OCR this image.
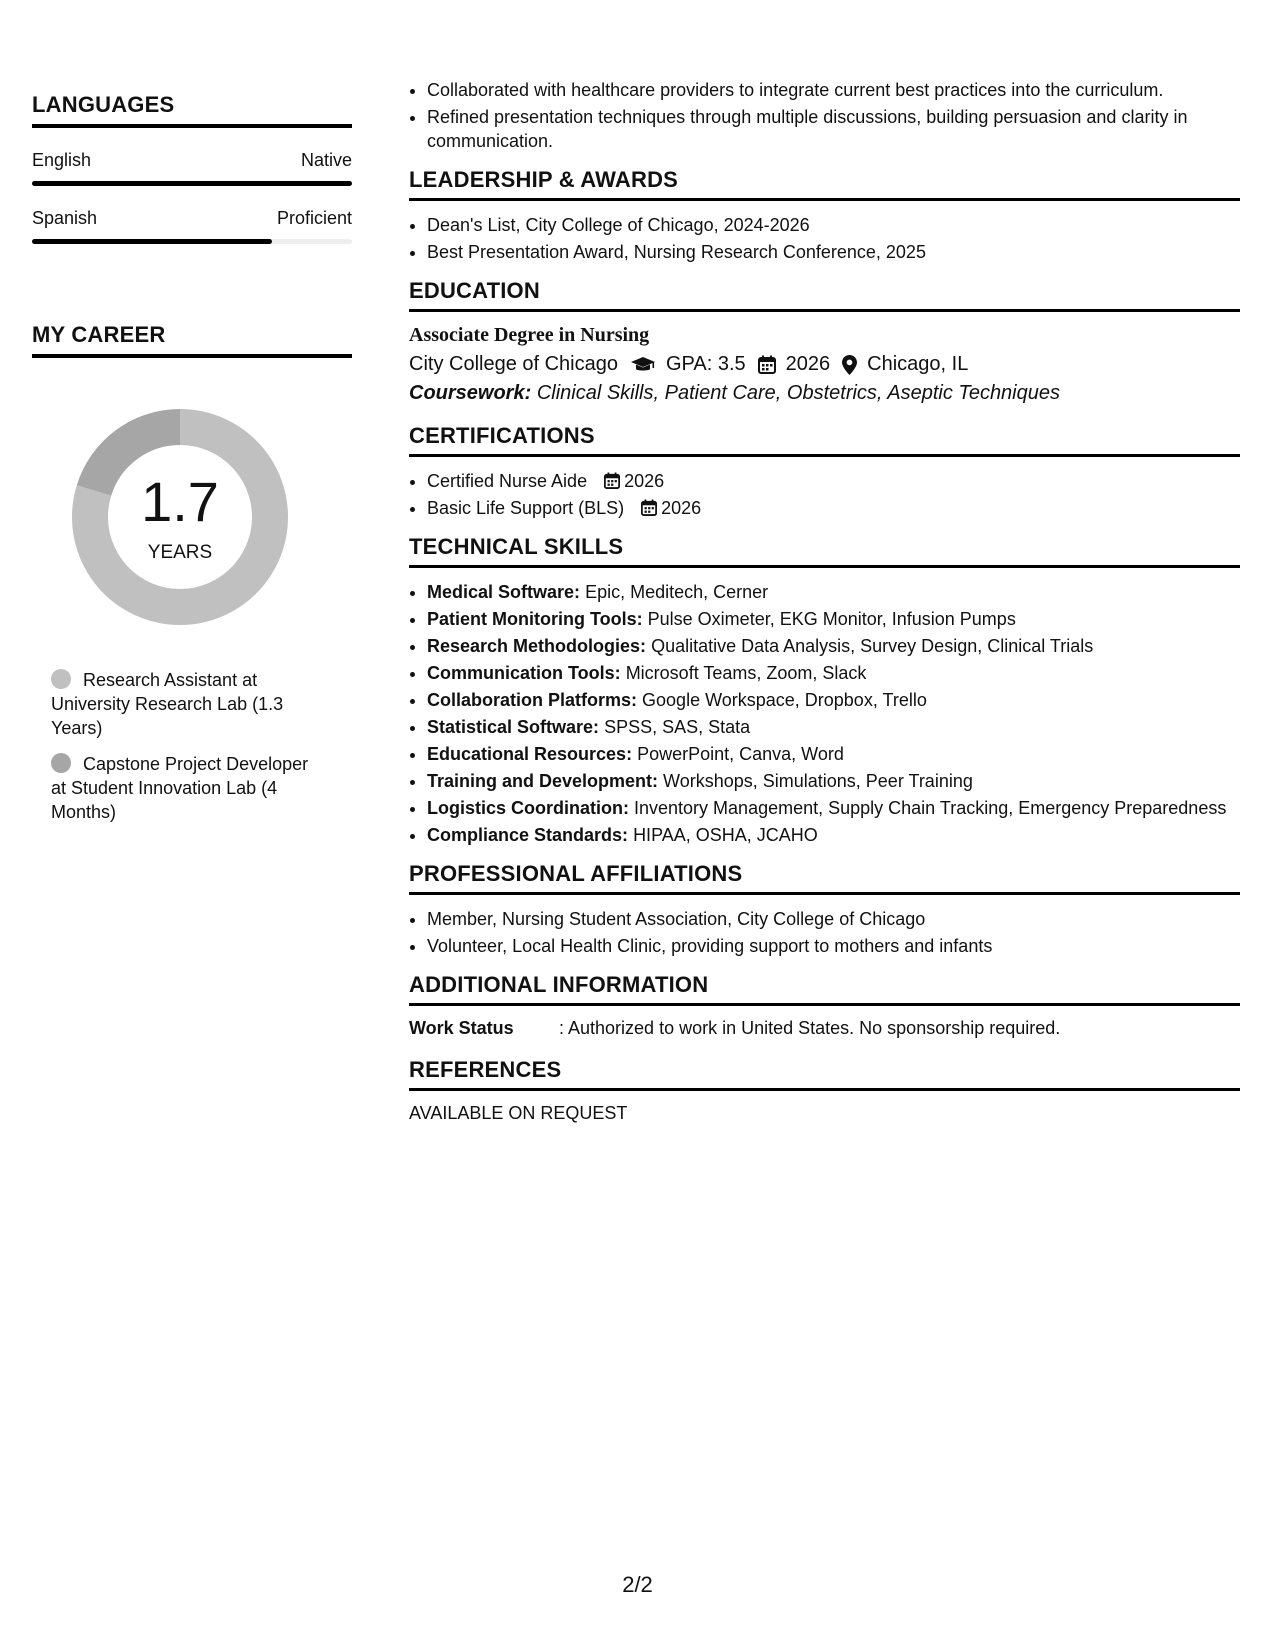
LANGUAGES
English	Native
Spanish	Proficient
MY CAREER
1.7
YEARS
Research Assistant at University Research Lab (1.3 Years)
Capstone Project Developer at Student Innovation Lab (4 Months)
• Collaborated with healthcare providers to integrate current best practices into the curriculum.
• Refined presentation techniques through multiple discussions, building persuasion and clarity in communication.
LEADERSHIP & AWARDS
• Dean's List, City College of Chicago, 2024-2026
• Best Presentation Award, Nursing Research Conference, 2025
EDUCATION
Associate Degree in Nursing
City College of Chicago GPA: 3.5 2026 Chicago, IL
Coursework: Clinical Skills, Patient Care, Obstetrics, Aseptic Techniques
CERTIFICATIONS
• Certified Nurse Aide 2026
• Basic Life Support (BLS) 2026
TECHNICAL SKILLS
• Medical Software: Epic, Meditech, Cerner
• Patient Monitoring Tools: Pulse Oximeter, EKG Monitor, Infusion Pumps
• Research Methodologies: Qualitative Data Analysis, Survey Design, Clinical Trials
• Communication Tools: Microsoft Teams, Zoom, Slack
• Collaboration Platforms: Google Workspace, Dropbox, Trello
• Statistical Software: SPSS, SAS, Stata
• Educational Resources: PowerPoint, Canva, Word
• Training and Development: Workshops, Simulations, Peer Training
• Logistics Coordination: Inventory Management, Supply Chain Tracking, Emergency Preparedness
• Compliance Standards: HIPAA, OSHA, JCAHO
PROFESSIONAL AFFILIATIONS
• Member, Nursing Student Association, City College of Chicago
• Volunteer, Local Health Clinic, providing support to mothers and infants
ADDITIONAL INFORMATION
Work Status	: Authorized to work in United States. No sponsorship required.
REFERENCES
AVAILABLE ON REQUEST
2/2
